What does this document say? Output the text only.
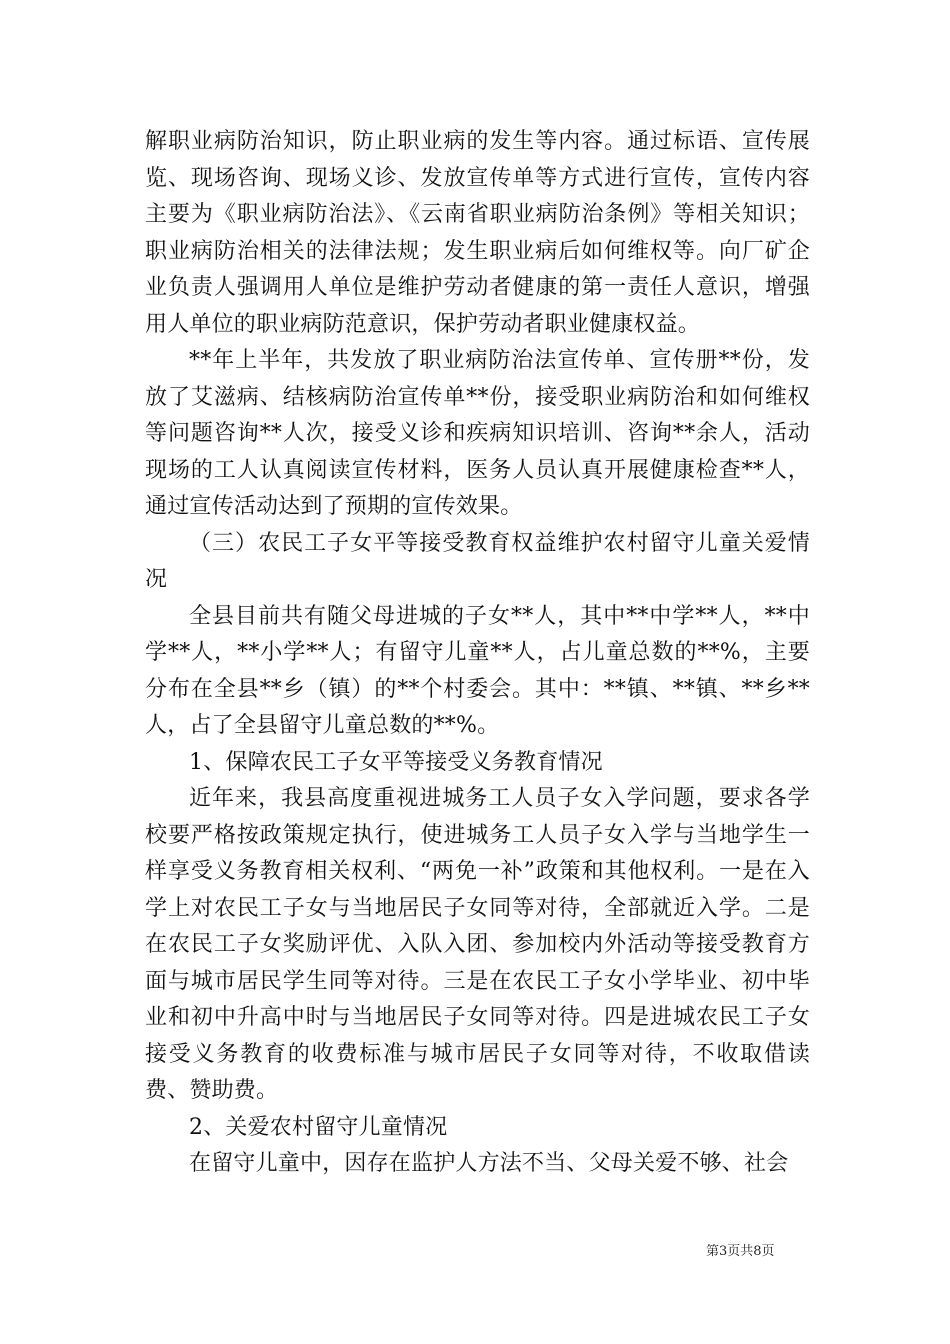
解职业病防治知识，防止职业病的发生等内容。通过标语、宣传展览、现场咨询、现场义诊、发放宣传单等方式进行宣传，宣传内容主要为《职业病防治法》、《云南省职业病防治条例》等相关知识；职业病防治相关的法律法规；发生职业病后如何维权等。向厂矿企业负责人强调用人单位是维护劳动者健康的第一责任人意识，增强用人单位的职业病防范意识，保护劳动者职业健康权益。

**年上半年，共发放了职业病防治法宣传单、宣传册**份，发放了艾滋病、结核病防治宣传单**份，接受职业病防治和如何维权等问题咨询**人次，接受义诊和疾病知识培训、咨询**余人，活动现场的工人认真阅读宣传材料，医务人员认真开展健康检查**人，通过宣传活动达到了预期的宣传效果。

（三）农民工子女平等接受教育权益维护农村留守儿童关爱情况

全县目前共有随父母进城的子女**人，其中**中学**人，**中学**人，**小学**人；有留守儿童**人，占儿童总数的**%，主要分布在全县**乡（镇）的**个村委会。其中：**镇、**镇、**乡**人，占了全县留守儿童总数的**%。

1、保障农民工子女平等接受义务教育情况

近年来，我县高度重视进城务工人员子女入学问题，要求各学校要严格按政策规定执行，使进城务工人员子女入学与当地学生一样享受义务教育相关权利、“两免一补”政策和其他权利。一是在入学上对农民工子女与当地居民子女同等对待，全部就近入学。二是在农民工子女奖励评优、入队入团、参加校内外活动等接受教育方面与城市居民学生同等对待。三是在农民工子女小学毕业、初中毕业和初中升高中时与当地居民子女同等对待。四是进城农民工子女接受义务教育的收费标准与城市居民子女同等对待，不收取借读费、赞助费。

2、关爱农村留守儿童情况

在留守儿童中，因存在监护人方法不当、父母关爱不够、社会

第3页共8页
